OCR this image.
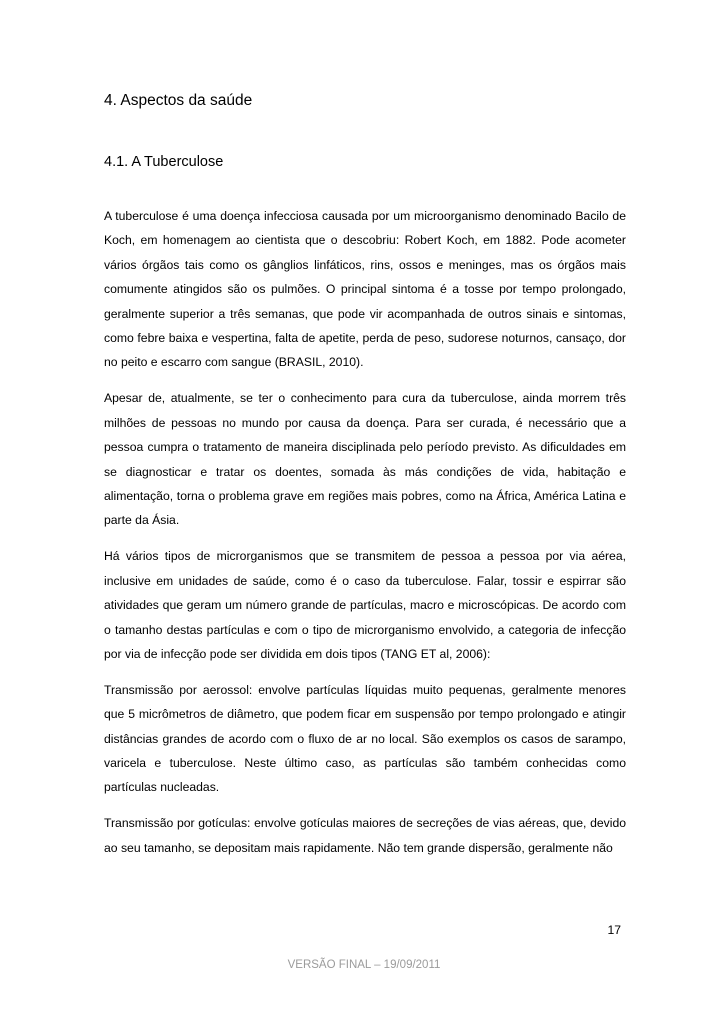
4. Aspectos da saúde
4.1. A Tuberculose

A tuberculose é uma doença infecciosa causada por um microorganismo denominado Bacilo de Koch, em homenagem ao cientista que o descobriu: Robert Koch, em 1882. Pode acometer vários órgãos tais como os gânglios linfáticos, rins, ossos e meninges, mas os órgãos mais comumente atingidos são os pulmões. O principal sintoma é a tosse por tempo prolongado, geralmente superior a três semanas, que pode vir acompanhada de outros sinais e sintomas, como febre baixa e vespertina, falta de apetite, perda de peso, sudorese noturnos, cansaço, dor no peito e escarro com sangue (BRASIL, 2010).

Apesar de, atualmente, se ter o conhecimento para cura da tuberculose, ainda morrem três milhões de pessoas no mundo por causa da doença. Para ser curada, é necessário que a pessoa cumpra o tratamento de maneira disciplinada pelo período previsto. As dificuldades em se diagnosticar e tratar os doentes, somada às más condições de vida, habitação e alimentação, torna o problema grave em regiões mais pobres, como na África, América Latina e parte da Ásia.

Há vários tipos de microrganismos que se transmitem de pessoa a pessoa por via aérea, inclusive em unidades de saúde, como é o caso da tuberculose. Falar, tossir e espirrar são atividades que geram um número grande de partículas, macro e microscópicas. De acordo com o tamanho destas partículas e com o tipo de microrganismo envolvido, a categoria de infecção por via de infecção pode ser dividida em dois tipos (TANG ET al, 2006):

Transmissão por aerossol: envolve partículas líquidas muito pequenas, geralmente menores que 5 micrômetros de diâmetro, que podem ficar em suspensão por tempo prolongado e atingir distâncias grandes de acordo com o fluxo de ar no local. São exemplos os casos de sarampo, varicela e tuberculose. Neste último caso, as partículas são também conhecidas como partículas nucleadas.

Transmissão por gotículas: envolve gotículas maiores de secreções de vias aéreas, que, devido ao seu tamanho, se depositam mais rapidamente. Não tem grande dispersão, geralmente não

17
VERSÃO FINAL – 19/09/2011
